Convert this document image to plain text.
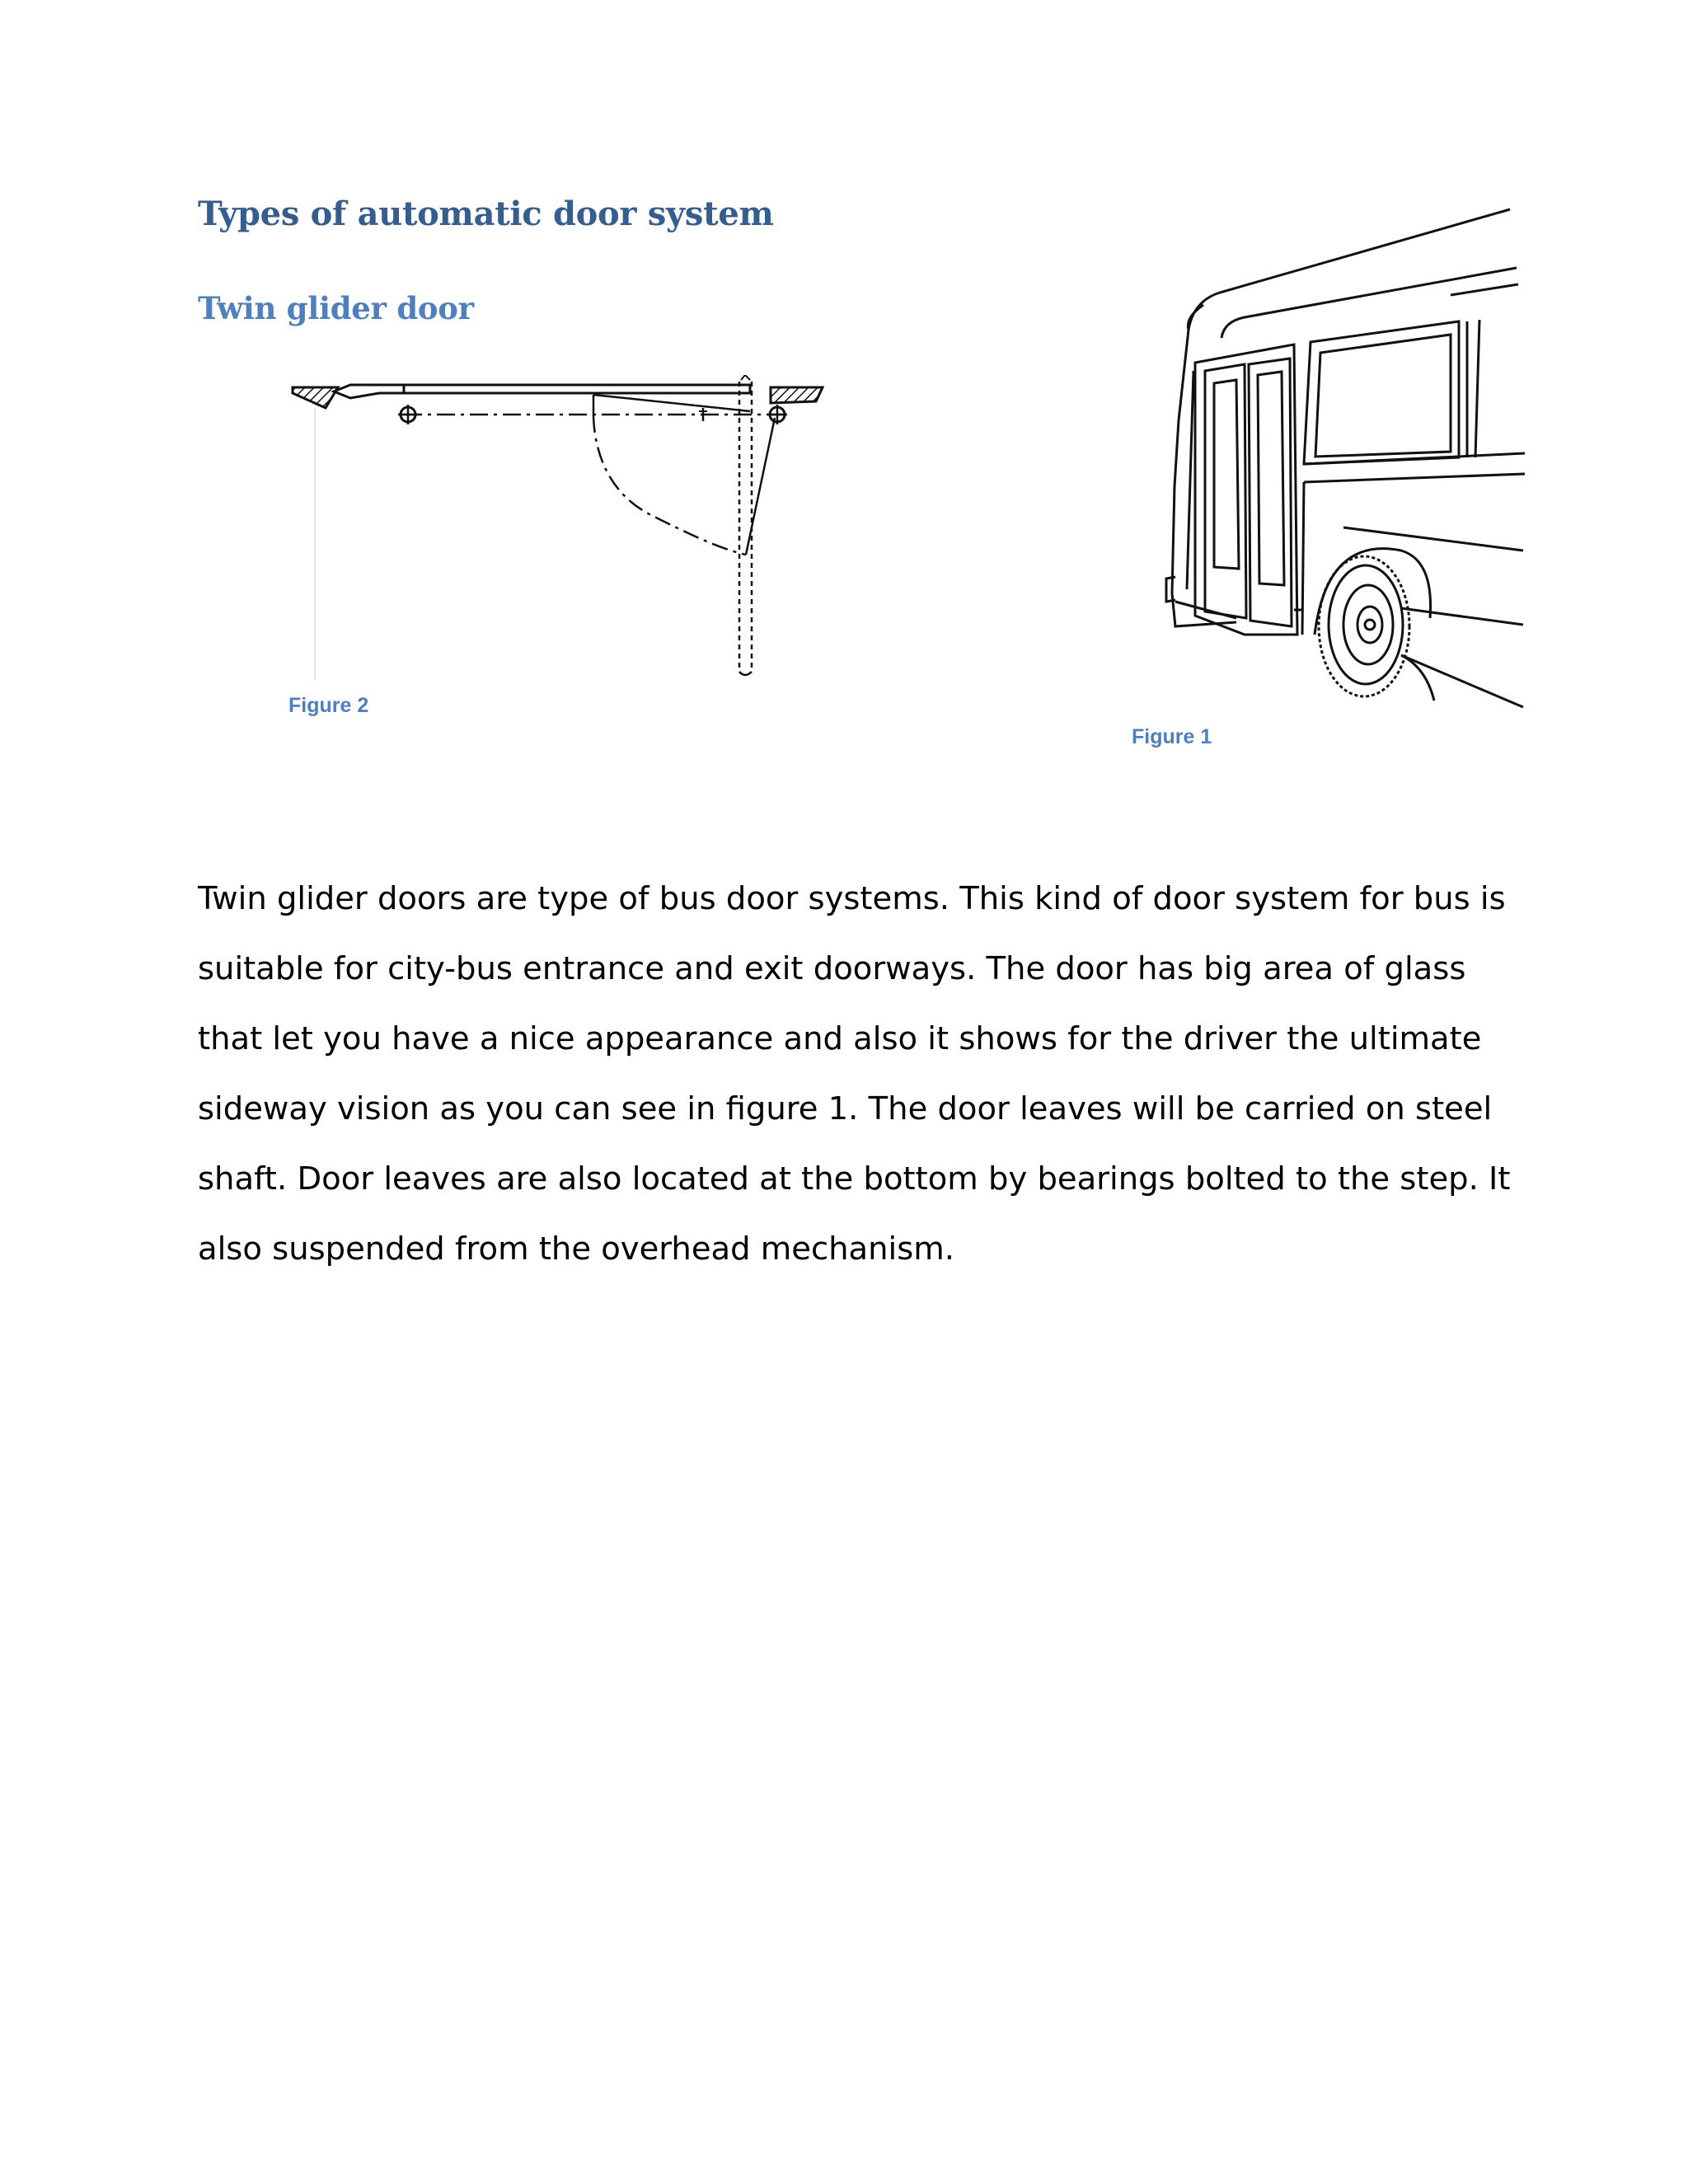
Types of automatic door system
Twin glider door

Figure 2

Figure 1

Twin glider doors are type of bus door systems. This kind of door system for bus is
suitable for city-bus entrance and exit doorways. The door has big area of glass
that let you have a nice appearance and also it shows for the driver the ultimate
sideway vision as you can see in figure 1. The door leaves will be carried on steel
shaft. Door leaves are also located at the bottom by bearings bolted to the step. It
also suspended from the overhead mechanism.
